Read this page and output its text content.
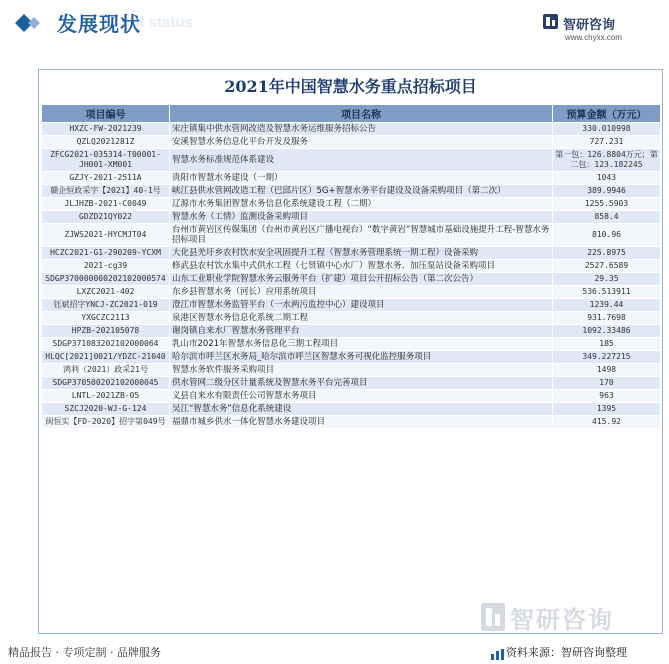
ent status
发展现状	智研咨询
www.chyxx.com
2021年中国智慧水务重点招标项目
项目编号	项目名称	预算金额（万元）
HXZC-FW-2021239	宋庄镇集中供水管网改造及智慧水务运维服务招标公告	330.010998
QZLQ2021281Z	安溪智慧水务信息化平台开发及服务	727.231
ZFCG2021-035314-T00001-JH001-XM001	智慧水务标准规范体系建设	第一包：126.8804万元；第二包：123.182245
GZJY-2021-2511A	贵阳市智慧水务建设（一期）	1043
赣企恒政采字【2021】40-1号	峡江县供水管网改造工程（巴邱片区）5G+智慧水务平台建设及设备采购项目（第二次）	389.9946
JLJHZB-2021-C0049	辽源市水务集团智慧水务信息化系统建设工程（二期）	1255.5903
GDZD21QY022	智慧水务（工情）监测设备采购项目	858.4
ZJWS2021-HYCMJT04	台州市黄岩区传媒集团（台州市黄岩区广播电视台）“数字黄岩”智慧城市基础设施提升工程-智慧水务招标项目	810.96
HCZC2021-G1-290209-YCXM	大化县羌圩乡农村饮水安全巩固提升工程（智慧水务管理系统一期工程）设备采购	225.8975
2021-cg39	修武县农村饮水集中式供水工程（七贤镇中心水厂）智慧水务、加压泵站设备采购项目	2527.6589
SDGP370000000202102000574	山东工业职业学院智慧水务云服务平台（扩建）项目公开招标公告（第二次公告）	29.35
LXZC2021-402	东乡县智慧水务（河长）应用系统项目	536.513911
钰斌招字YNCJ-ZC2021-019	澄江市智慧水务监管平台（一水两污监控中心）建设项目	1239.44
YXGCZC2113	泉港区智慧水务信息化系统二期工程	931.7698
HPZB-202105078	谢岗镇自来水厂智慧水务管理平台	1092.33486
SDGP371083202102000064	乳山市2021年智慧水务信息化三期工程项目	185
HLQC[2021]0021/YDZC-21040	哈尔滨市呼兰区水务局_哈尔滨市呼兰区智慧水务可视化监控服务项目	349.227215
鸿利（2021）政采21号	智慧水务软件服务采购项目	1498
SDGP370500202102000045	供水管网二级分区计量系统及智慧水务平台完善项目	170
LNTL-2021ZB-05	义县自来水有限责任公司智慧水务项目	963
SZCJ2020-WJ-G-124	吴江“智慧水务”信息化系统建设	1395
闽恒实【FD-2020】招字第049号	福鼎市城乡供水一体化智慧水务建设项目	415.92
智研咨询
精品报告 · 专项定制 · 品牌服务	资料来源：智研咨询整理
